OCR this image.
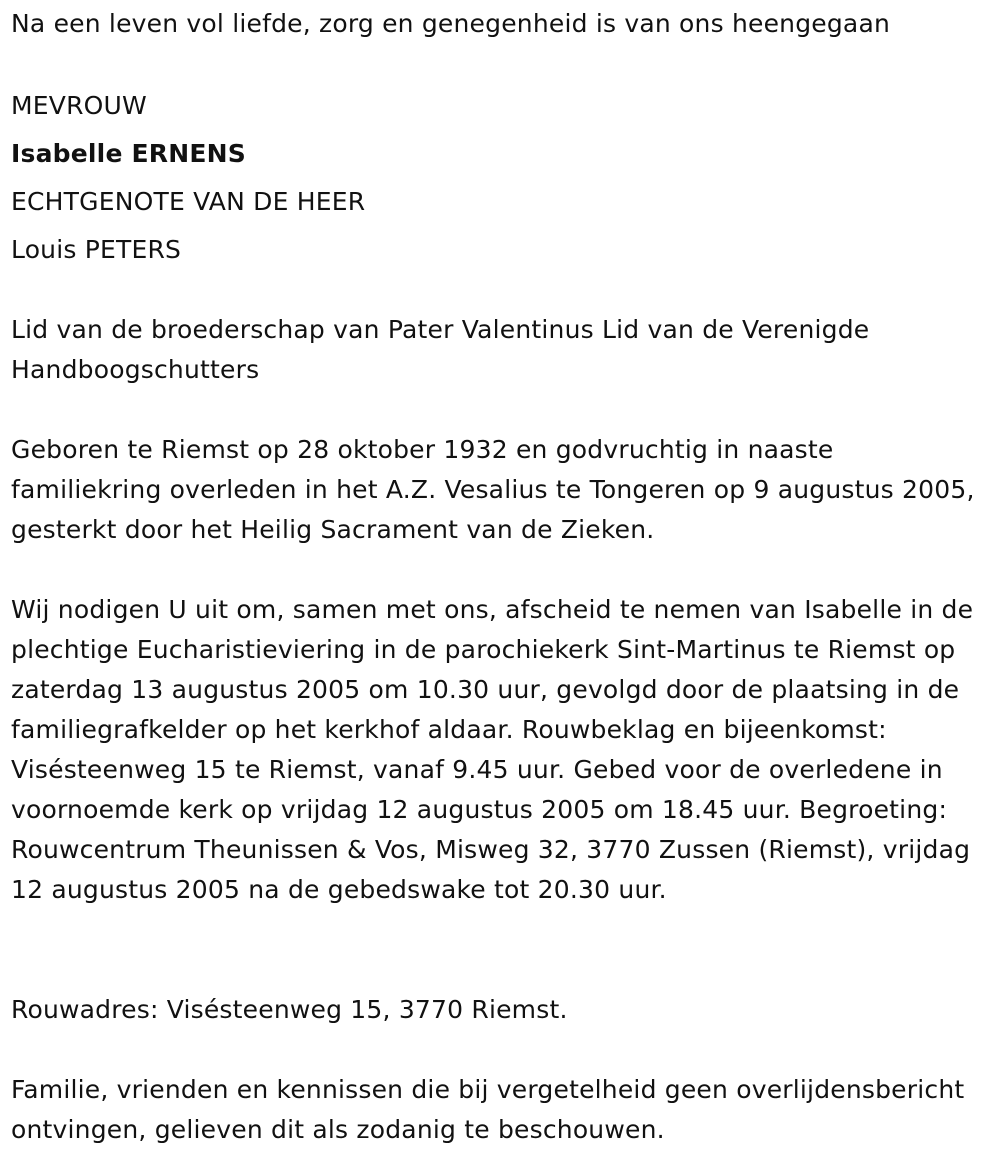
Na een leven vol liefde, zorg en genegenheid is van ons heengegaan
MEVROUW
Isabelle ERNENS
ECHTGENOTE VAN DE HEER
Louis PETERS

Lid van de broederschap van Pater Valentinus Lid van de Verenigde Handboogschutters

Geboren te Riemst op 28 oktober 1932 en godvruchtig in naaste familiekring overleden in het A.Z. Vesalius te Tongeren op 9 augustus 2005, gesterkt door het Heilig Sacrament van de Zieken.

Wij nodigen U uit om, samen met ons, afscheid te nemen van Isabelle in de plechtige Eucharistieviering in de parochiekerk Sint-Martinus te Riemst op zaterdag 13 augustus 2005 om 10.30 uur, gevolgd door de plaatsing in de familiegrafkelder op het kerkhof aldaar. Rouwbeklag en bijeenkomst: Visésteenweg 15 te Riemst, vanaf 9.45 uur. Gebed voor de overledene in voornoemde kerk op vrijdag 12 augustus 2005 om 18.45 uur. Begroeting: Rouwcentrum Theunissen & Vos, Misweg 32, 3770 Zussen (Riemst), vrijdag 12 augustus 2005 na de gebedswake tot 20.30 uur.

Rouwadres: Visésteenweg 15, 3770 Riemst.

Familie, vrienden en kennissen die bij vergetelheid geen overlijdensbericht ontvingen, gelieven dit als zodanig te beschouwen.
